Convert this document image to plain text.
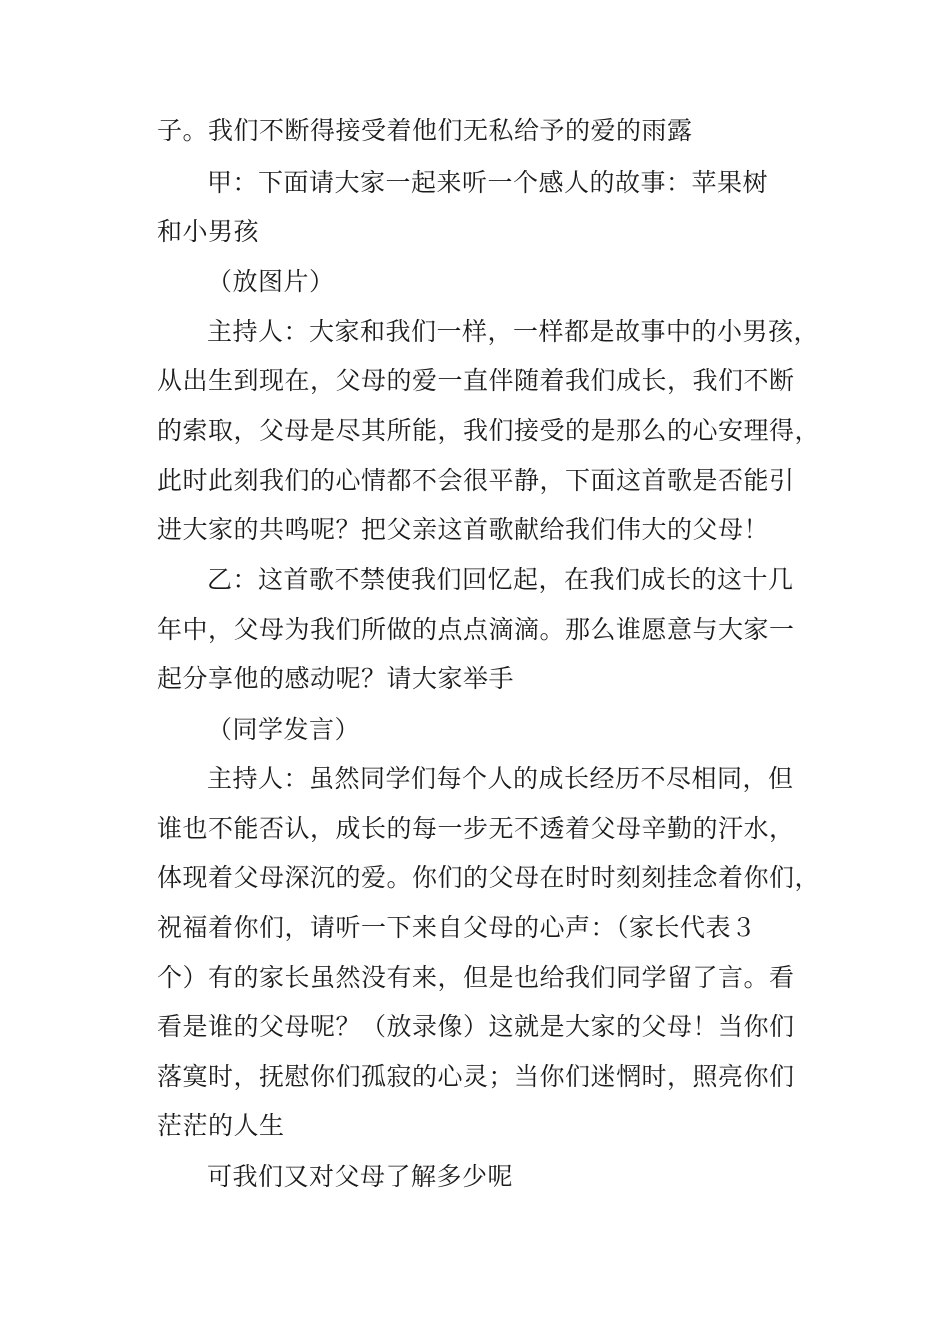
子。我们不断得接受着他们无私给予的爱的雨露
甲：下面请大家一起来听一个感人的故事：苹果树
和小男孩
（放图片）
主持人：大家和我们一样，一样都是故事中的小男孩，
从出生到现在，父母的爱一直伴随着我们成长，我们不断
的索取，父母是尽其所能，我们接受的是那么的心安理得，
此时此刻我们的心情都不会很平静，下面这首歌是否能引
进大家的共鸣呢？把父亲这首歌献给我们伟大的父母！
乙：这首歌不禁使我们回忆起，在我们成长的这十几
年中，父母为我们所做的点点滴滴。那么谁愿意与大家一
起分享他的感动呢？请大家举手
（同学发言）
主持人：虽然同学们每个人的成长经历不尽相同，但
谁也不能否认，成长的每一步无不透着父母辛勤的汗水，
体现着父母深沉的爱。你们的父母在时时刻刻挂念着你们，
祝福着你们，请听一下来自父母的心声：（家长代表３
个）有的家长虽然没有来，但是也给我们同学留了言。看
看是谁的父母呢？（放录像）这就是大家的父母！当你们
落寞时，抚慰你们孤寂的心灵；当你们迷惘时，照亮你们
茫茫的人生
可我们又对父母了解多少呢
